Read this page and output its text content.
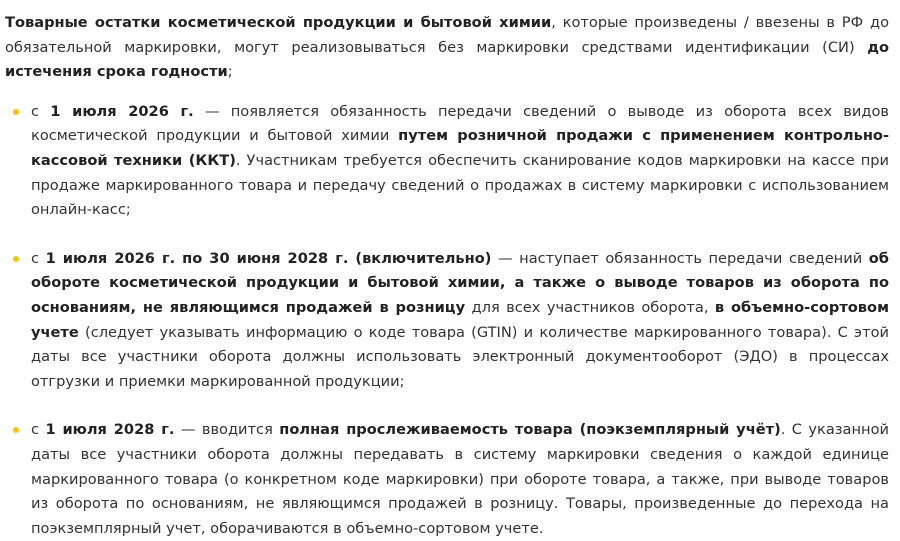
Товарные остатки косметической продукции и бытовой химии, которые произведены / ввезены в РФ до обязательной маркировки, могут реализовываться без маркировки средствами идентификации (СИ) до истечения срока годности;

с 1 июля 2026 г. — появляется обязанность передачи сведений о выводе из оборота всех видов косметической продукции и бытовой химии путем розничной продажи с применением контрольно-кассовой техники (ККТ). Участникам требуется обеспечить сканирование кодов маркировки на кассе при продаже маркированного товара и передачу сведений о продажах в систему маркировки с использованием онлайн-касс;
с 1 июля 2026 г. по 30 июня 2028 г. (включительно) — наступает обязанность передачи сведений об обороте косметической продукции и бытовой химии, а также о выводе товаров из оборота по основаниям, не являющимся продажей в розницу для всех участников оборота, в объемно-сортовом учете (следует указывать информацию о коде товара (GTIN) и количестве маркированного товара). С этой даты все участники оборота должны использовать электронный документооборот (ЭДО) в процессах отгрузки и приемки маркированной продукции;
с 1 июля 2028 г. — вводится полная прослеживаемость товара (поэкземплярный учёт). С указанной даты все участники оборота должны передавать в систему маркировки сведения о каждой единице маркированного товара (о конкретном коде маркировки) при обороте товара, а также, при выводе товаров из оборота по основаниям, не являющимся продажей в розницу. Товары, произведенные до перехода на поэкземплярный учет, оборачиваются в объемно-сортовом учете.
